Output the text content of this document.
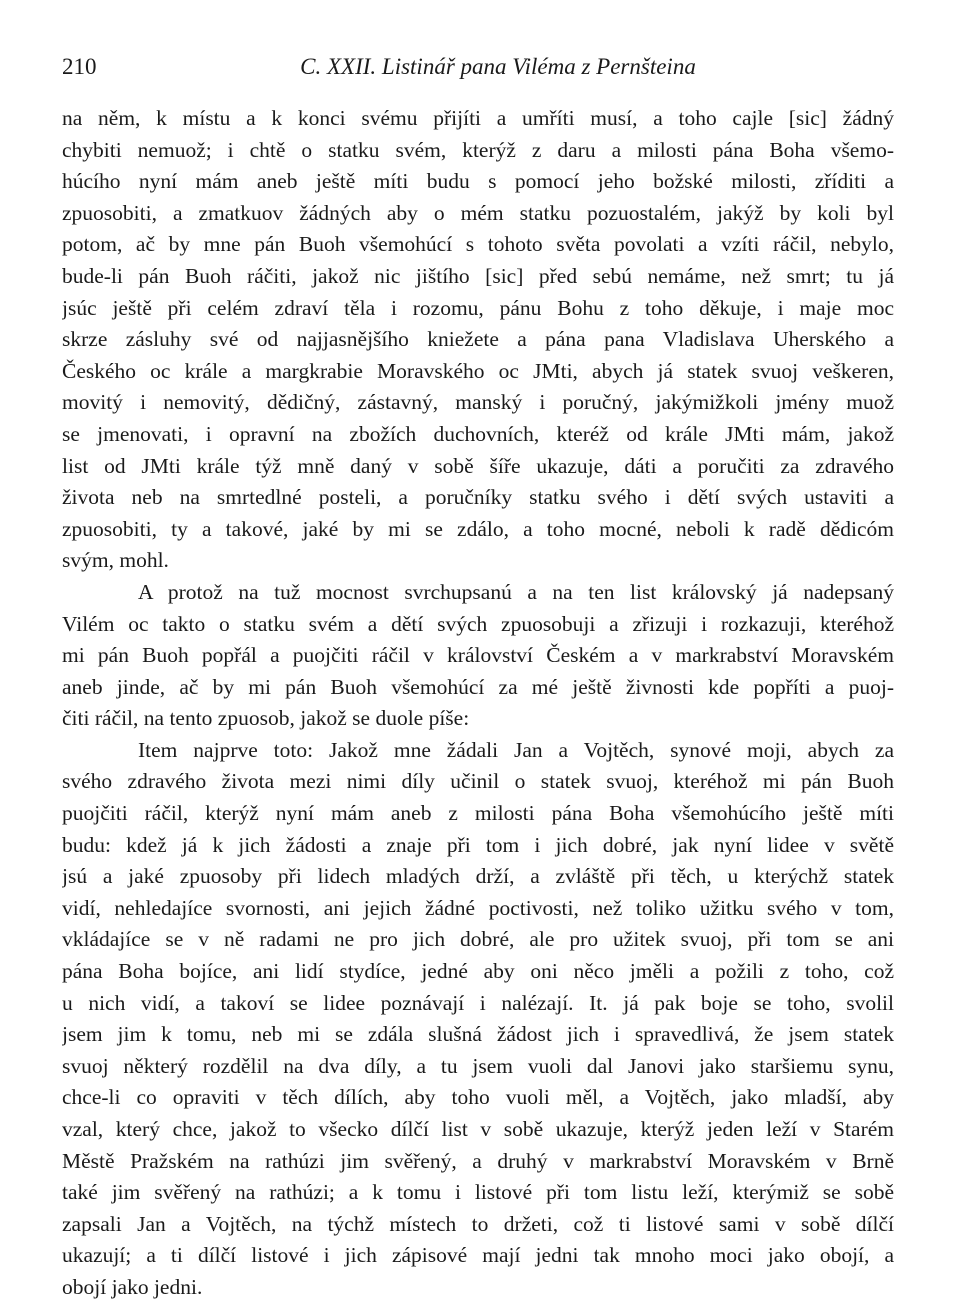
210	C. XXII. Listinář pana Viléma z Pernšteina
na něm, k místu a k konci svému přijíti a umříti musí, a toho cajle [sic] žádný
chybiti nemuož; i chtě o statku svém, kterýž z daru a milosti pána Boha všemo-
húcího nyní mám aneb ještě míti budu s pomocí jeho božské milosti, zříditi a
zpuosobiti, a zmatkuov žádných aby o mém statku pozuostalém, jakýž by koli byl
potom, ač by mne pán Buoh všemohúcí s tohoto světa povolati a vzíti ráčil, nebylo,
bude-li pán Buoh ráčiti, jakož nic jištího [sic] před sebú nemáme, než smrt; tu já
jsúc ještě při celém zdraví těla i rozomu, pánu Bohu z toho děkuje, i maje moc
skrze zásluhy své od najjasnějšího kniežete a pána pana Vladislava Uherského a
Českého oc krále a margkrabie Moravského oc JMti, abych já statek svuoj veškeren,
movitý i nemovitý, dědičný, zástavný, manský i poručný, jakýmižkoli jmény muož
se jmenovati, i opravní na zbožích duchovních, kteréž od krále JMti mám, jakož
list od JMti krále týž mně daný v sobě šíře ukazuje, dáti a poručiti za zdravého
života neb na smrtedlné posteli, a poručníky statku svého i dětí svých ustaviti a
zpuosobiti, ty a takové, jaké by mi se zdálo, a toho mocné, neboli k radě dědicóm
svým, mohl.
A protož na tuž mocnost svrchupsanú a na ten list královský já nadepsaný
Vilém oc takto o statku svém a dětí svých zpuosobuji a zřizuji i rozkazuji, kteréhož
mi pán Buoh popřál a puojčiti ráčil v království Českém a v markrabství Moravském
aneb jinde, ač by mi pán Buoh všemohúcí za mé ještě živnosti kde popříti a puoj-
čiti ráčil, na tento zpuosob, jakož se duole píše:
Item najprve toto: Jakož mne žádali Jan a Vojtěch, synové moji, abych za
svého zdravého života mezi nimi díly učinil o statek svuoj, kteréhož mi pán Buoh
puojčiti ráčil, kterýž nyní mám aneb z milosti pána Boha všemohúcího ještě míti
budu: kdež já k jich žádosti a znaje při tom i jich dobré, jak nyní lidee v světě
jsú a jaké zpuosoby při lidech mladých drží, a zvláště při těch, u kterýchž statek
vidí, nehledajíce svornosti, ani jejich žádné poctivosti, než toliko užitku svého v tom,
vkládajíce se v ně radami ne pro jich dobré, ale pro užitek svuoj, při tom se ani
pána Boha bojíce, ani lidí stydíce, jedné aby oni něco jměli a požili z toho, což
u nich vidí, a takoví se lidee poznávají i nalézají. It. já pak boje se toho, svolil
jsem jim k tomu, neb mi se zdála slušná žádost jich i spravedlivá, že jsem statek
svuoj některý rozdělil na dva díly, a tu jsem vuoli dal Janovi jako staršiemu synu,
chce-li co opraviti v těch dílích, aby toho vuoli měl, a Vojtěch, jako mladší, aby
vzal, který chce, jakož to všecko dílčí list v sobě ukazuje, kterýž jeden leží v Starém
Městě Pražském na rathúzi jim svěřený, a druhý v markrabství Moravském v Brně
také jim svěřený na rathúzi; a k tomu i listové při tom listu leží, kterýmiž se sobě
zapsali Jan a Vojtěch, na týchž místech to držeti, což ti listové sami v sobě dílčí
ukazují; a ti dílčí listové i jich zápisové mají jedni tak mnoho moci jako obojí, a
obojí jako jedni.
